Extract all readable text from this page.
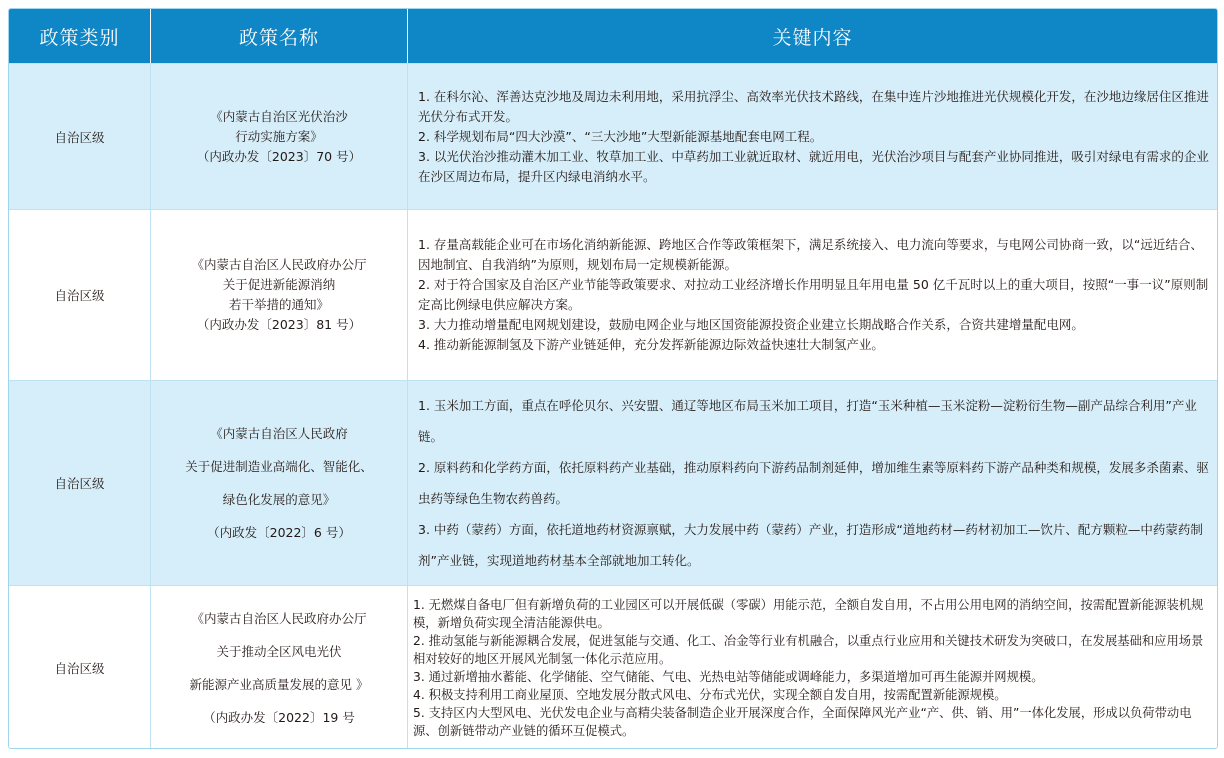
政策类别	政策名称	关键内容
自治区级
《内蒙古自治区光伏治沙
行动实施方案》
（内政办发〔2023〕70 号）
1. 在科尔沁、浑善达克沙地及周边未利用地，采用抗浮尘、高效率光伏技术路线，在集中连片沙地推进光伏规模化开发，在沙地边缘居住区推进光伏分布式开发。
2. 科学规划布局“四大沙漠”、“三大沙地”大型新能源基地配套电网工程。
3. 以光伏治沙推动灌木加工业、牧草加工业、中草药加工业就近取材、就近用电，光伏治沙项目与配套产业协同推进，吸引对绿电有需求的企业在沙区周边布局，提升区内绿电消纳水平。
自治区级
《内蒙古自治区人民政府办公厅
关于促进新能源消纳
若干举措的通知》
（内政办发〔2023〕81 号）
1. 存量高载能企业可在市场化消纳新能源、跨地区合作等政策框架下，满足系统接入、电力流向等要求，与电网公司协商一致，以“远近结合、因地制宜、自我消纳”为原则，规划布局一定规模新能源。
2. 对于符合国家及自治区产业节能等政策要求、对拉动工业经济增长作用明显且年用电量 50 亿千瓦时以上的重大项目，按照“一事一议”原则制定高比例绿电供应解决方案。
3. 大力推动增量配电网规划建设，鼓励电网企业与地区国资能源投资企业建立长期战略合作关系，合资共建增量配电网。
4. 推动新能源制氢及下游产业链延伸，充分发挥新能源边际效益快速壮大制氢产业。
自治区级
《内蒙古自治区人民政府
关于促进制造业高端化、智能化、
绿色化发展的意见》
（内政发〔2022〕6 号）
1. 玉米加工方面，重点在呼伦贝尔、兴安盟、通辽等地区布局玉米加工项目，打造“玉米种植—玉米淀粉—淀粉衍生物—副产品综合利用”产业链。
2. 原料药和化学药方面，依托原料药产业基础，推动原料药向下游药品制剂延伸，增加维生素等原料药下游产品种类和规模，发展多杀菌素、驱虫药等绿色生物农药兽药。
3. 中药（蒙药）方面，依托道地药材资源禀赋，大力发展中药（蒙药）产业，打造形成“道地药材—药材初加工—饮片、配方颗粒—中药蒙药制剂”产业链，实现道地药材基本全部就地加工转化。
自治区级
《内蒙古自治区人民政府办公厅
关于推动全区风电光伏
新能源产业高质量发展的意见 》
（内政办发〔2022〕19 号
1. 无燃煤自备电厂但有新增负荷的工业园区可以开展低碳（零碳）用能示范，全额自发自用，不占用公用电网的消纳空间，按需配置新能源装机规模，新增负荷实现全清洁能源供电。
2. 推动氢能与新能源耦合发展，促进氢能与交通、化工、冶金等行业有机融合，以重点行业应用和关键技术研发为突破口，在发展基础和应用场景相对较好的地区开展风光制氢一体化示范应用。
3. 通过新增抽水蓄能、化学储能、空气储能、气电、光热电站等储能或调峰能力，多渠道增加可再生能源并网规模。
4. 积极支持利用工商业屋顶、空地发展分散式风电、分布式光伏，实现全额自发自用，按需配置新能源规模。
5. 支持区内大型风电、光伏发电企业与高精尖装备制造企业开展深度合作，全面保障风光产业“产、供、销、用”一体化发展，形成以负荷带动电源、创新链带动产业链的循环互促模式。
